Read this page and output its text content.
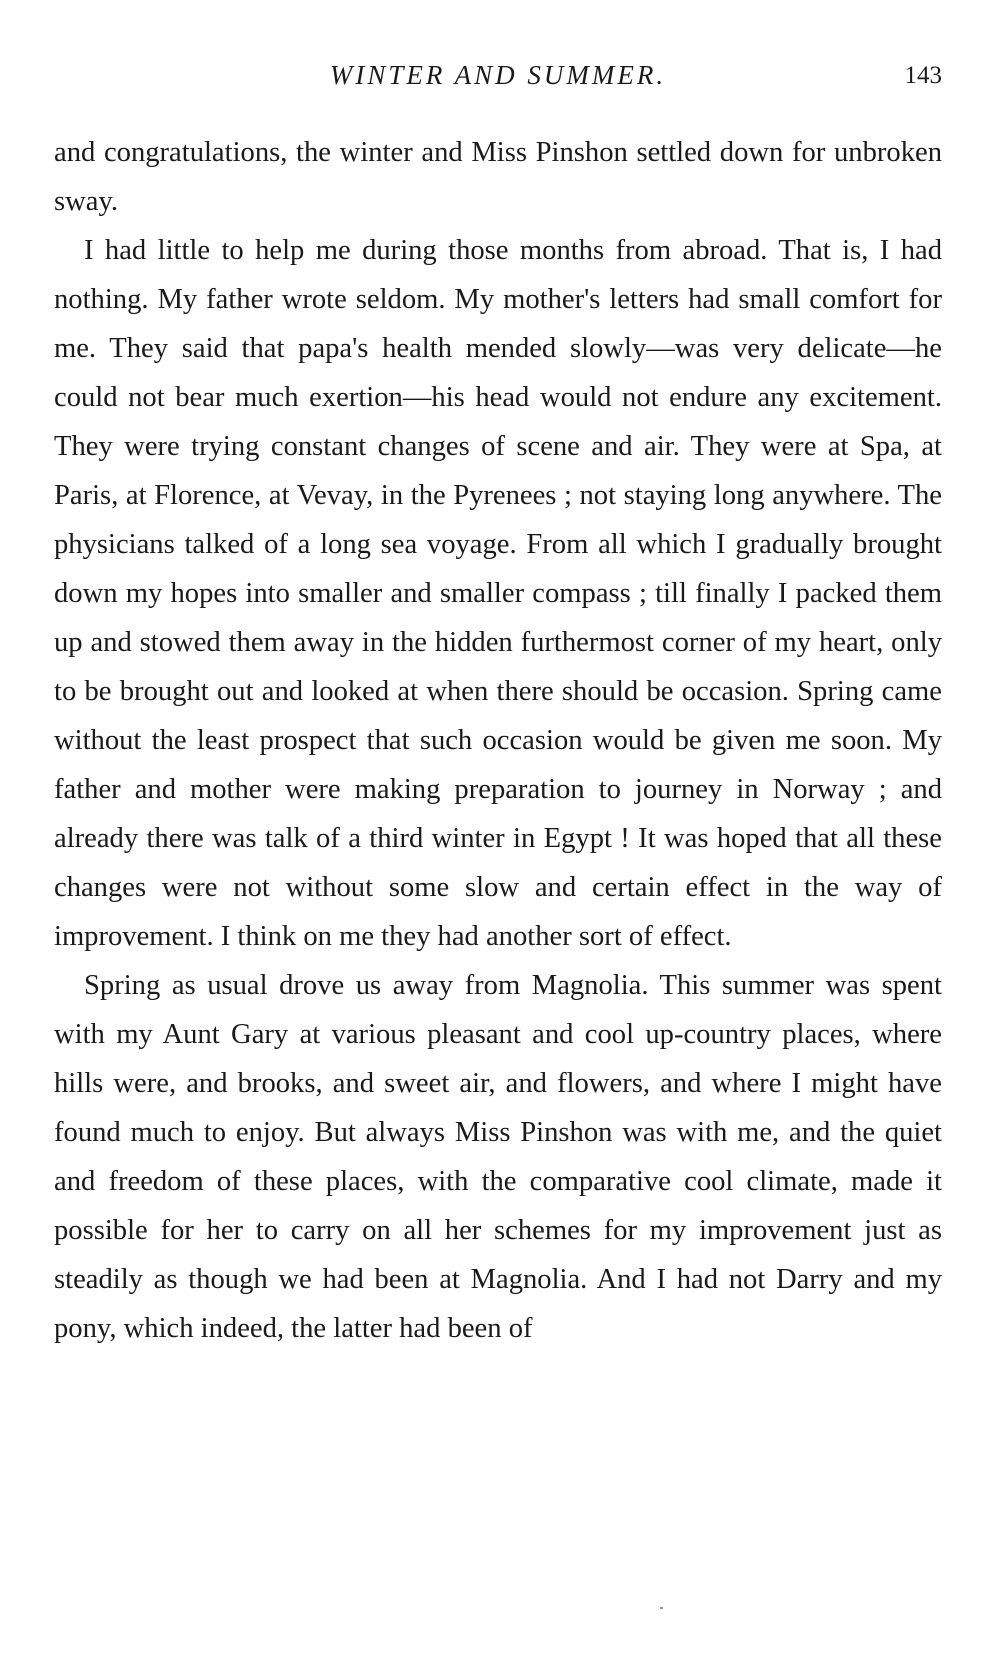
WINTER AND SUMMER.	143

and congratulations, the winter and Miss Pinshon settled down for unbroken sway.

I had little to help me during those months from abroad. That is, I had nothing. My father wrote seldom. My mother's letters had small comfort for me. They said that papa's health mended slowly—was very delicate—he could not bear much exertion—his head would not endure any excitement. They were trying constant changes of scene and air. They were at Spa, at Paris, at Florence, at Vevay, in the Pyrenees ; not staying long anywhere. The physicians talked of a long sea voyage. From all which I gradually brought down my hopes into smaller and smaller compass ; till finally I packed them up and stowed them away in the hidden furthermost corner of my heart, only to be brought out and looked at when there should be occasion. Spring came without the least prospect that such occasion would be given me soon. My father and mother were making preparation to journey in Norway ; and already there was talk of a third winter in Egypt ! It was hoped that all these changes were not without some slow and certain effect in the way of improvement. I think on me they had another sort of effect.

Spring as usual drove us away from Magnolia. This summer was spent with my Aunt Gary at various pleasant and cool up-country places, where hills were, and brooks, and sweet air, and flowers, and where I might have found much to enjoy. But always Miss Pinshon was with me, and the quiet and freedom of these places, with the comparative cool climate, made it possible for her to carry on all her schemes for my improvement just as steadily as though we had been at Magnolia. And I had not Darry and my pony, which indeed, the latter had been of
